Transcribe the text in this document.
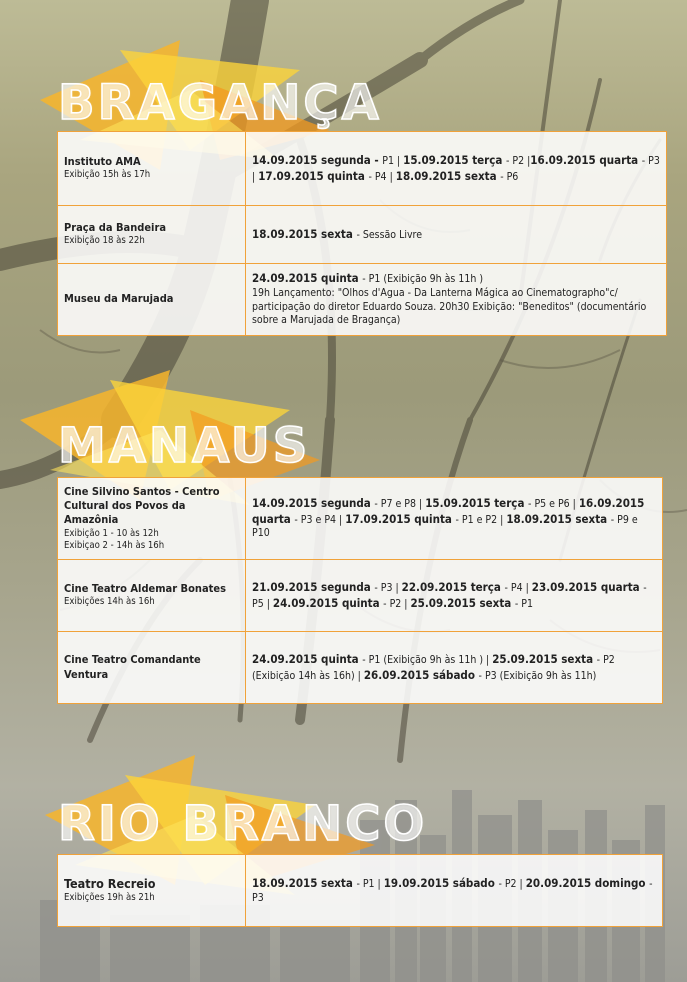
BRAGANÇA
Instituto AMA
Exibição 15h às 17h	14.09.2015 segunda - P1 | 15.09.2015 terça - P2 |16.09.2015 quarta - P3 | 17.09.2015 quinta - P4 | 18.09.2015 sexta - P6

Praça da Bandeira
Exibição 18 às 22h	18.09.2015 sexta - Sessão Livre

Museu da Marujada	24.09.2015 quinta - P1 (Exibição 9h às 11h )
19h Lançamento: "Olhos d'Agua - Da Lanterna Mágica ao Cinematographo"c/ participação do diretor Eduardo Souza. 20h30 Exibição: "Beneditos" (documentário sobre a Marujada de Bragança)
MANAUS
Cine Silvino Santos - Centro Cultural dos Povos da Amazônia
Exibição 1 - 10 às 12h
Exibiçao 2 - 14h às 16h	14.09.2015 segunda - P7 e P8 | 15.09.2015 terça - P5 e P6 | 16.09.2015 quarta - P3 e P4 | 17.09.2015 quinta - P1 e P2 | 18.09.2015 sexta - P9 e P10

Cine Teatro Aldemar Bonates
Exibições 14h às 16h	21.09.2015 segunda - P3 | 22.09.2015 terça - P4 | 23.09.2015 quarta - P5 | 24.09.2015 quinta - P2 | 25.09.2015 sexta - P1

Cine Teatro Comandante Ventura	24.09.2015 quinta - P1 (Exibição 9h às 11h ) | 25.09.2015 sexta - P2 (Exibição 14h às 16h) | 26.09.2015 sábado - P3 (Exibição 9h às 11h)
RIO BRANCO
Teatro Recreio
Exibições 19h às 21h
	18.09.2015 sexta - P1 | 19.09.2015 sábado - P2 | 20.09.2015 domingo - P3
